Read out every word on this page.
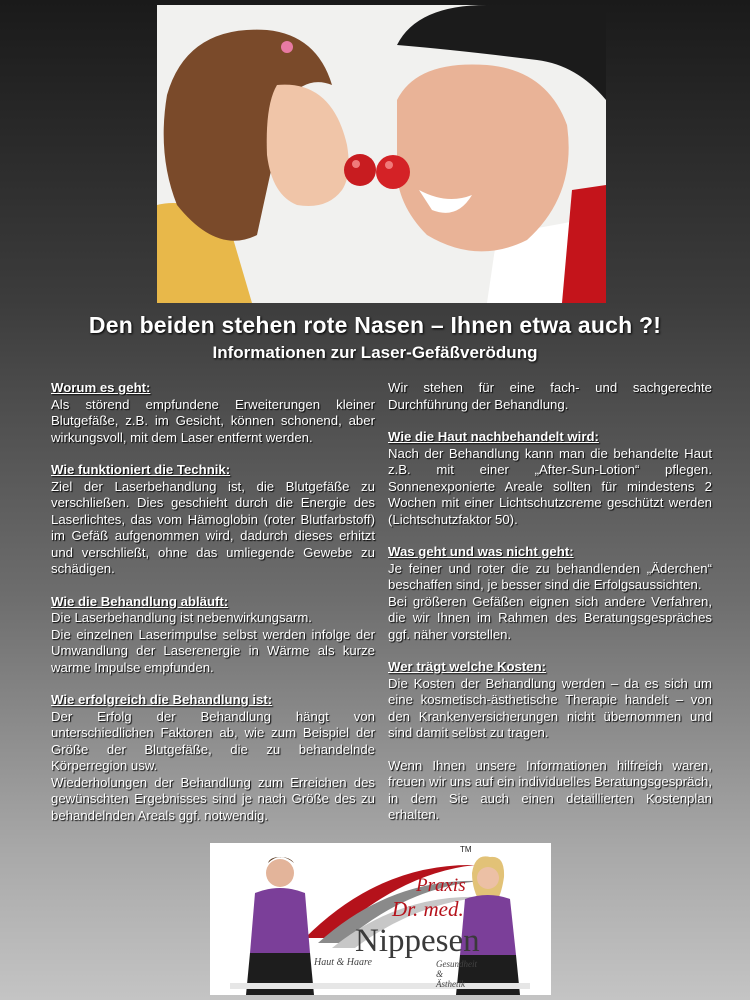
Den beiden stehen rote Nasen – Ihnen etwa auch ?!
Informationen zur Laser-Gefäßverödung
Worum es geht:
Als störend empfundene Erweiterungen kleiner Blutgefäße, z.B. im Gesicht, können schonend, aber wirkungsvoll, mit dem Laser entfernt werden.
Wie funktioniert die Technik:
Ziel der Laserbehandlung ist, die Blutgefäße zu verschließen. Dies geschieht durch die Energie des Laserlichtes, das vom Hämoglobin (roter Blutfarbstoff) im Gefäß aufgenommen wird, dadurch dieses erhitzt und verschließt, ohne das umliegende Gewebe zu schädigen.
Wie die Behandlung abläuft:
Die Laserbehandlung ist nebenwirkungsarm.
Die einzelnen Laserimpulse selbst werden infolge der Umwandlung der Laserenergie in Wärme als kurze warme Impulse empfunden.
Wie erfolgreich die Behandlung ist:
Der Erfolg der Behandlung hängt von unterschiedlichen Faktoren ab, wie zum Beispiel der Größe der Blutgefäße, die zu behandelnde Körperregion usw.
Wiederholungen der Behandlung zum Erreichen des gewünschten Ergebnisses sind je nach Größe des zu behandelnden Areals ggf. notwendig.
Wir stehen für eine fach- und sachgerechte Durchführung der Behandlung.
Wie die Haut nachbehandelt wird:
Nach der Behandlung kann man die behandelte Haut z.B. mit einer „After-Sun-Lotion“ pflegen. Sonnenexponierte Areale sollten für mindestens 2 Wochen mit einer Lichtschutzcreme geschützt werden (Lichtschutzfaktor 50).
Was geht und was nicht geht:
Je feiner und roter die zu behandlenden „Äderchen“ beschaffen sind, je besser sind die Erfolgsaussichten.
Bei größeren Gefäßen eignen sich andere Verfahren, die wir Ihnen im Rahmen des Beratungsgespräches ggf. näher vorstellen.
Wer trägt welche Kosten:
Die Kosten der Behandlung werden – da es sich um eine kosmetisch-ästhetische Therapie handelt – von den Krankenversicherungen nicht übernommen und sind damit selbst zu tragen.
Wenn Ihnen unsere Informationen hilfreich waren, freuen wir uns auf ein individuelles Beratungsgespräch, in dem Sie auch einen detaillierten Kostenplan erhalten.
Praxis
Dr. med.
Nippesen
Haut & Haare	Gesundheit & Ästhetik
TM
